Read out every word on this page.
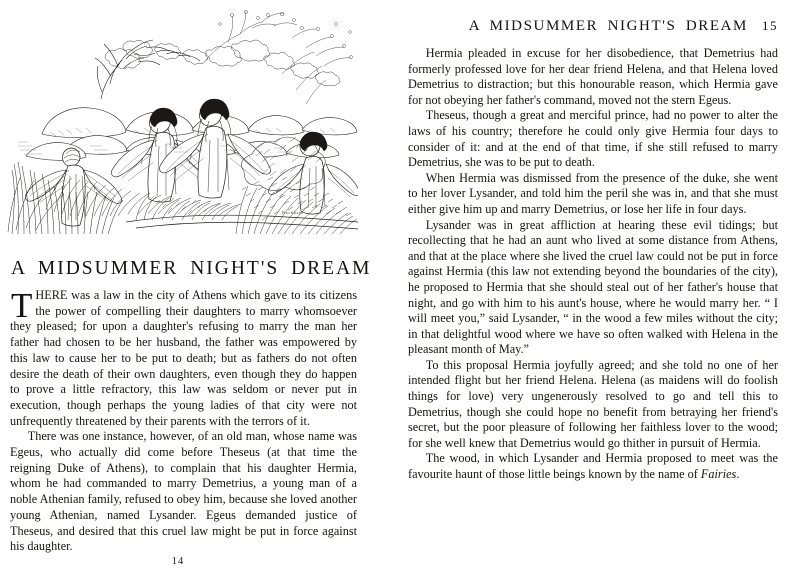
Rackham
A MIDSUMMER NIGHT'S DREAM

THERE was a law in the city of Athens which gave to its citizens the power of compelling their daughters to marry whomsoever they pleased; for upon a daughter's refusing to marry the man her father had chosen to be her husband, the father was empowered by this law to cause her to be put to death; but as fathers do not often desire the death of their own daughters, even though they do happen to prove a little refractory, this law was seldom or never put in execution, though perhaps the young ladies of that city were not unfrequently threatened by their parents with the terrors of it.

There was one instance, however, of an old man, whose name was Egeus, who actually did come before Theseus (at that time the reigning Duke of Athens), to complain that his daughter Hermia, whom he had commanded to marry Demetrius, a young man of a noble Athenian family, refused to obey him, because she loved another young Athenian, named Lysander. Egeus demanded justice of Theseus, and desired that this cruel law might be put in force against his daughter.

14
A MIDSUMMER NIGHT'S DREAM 15

Hermia pleaded in excuse for her disobedience, that Demetrius had formerly professed love for her dear friend Helena, and that Helena loved Demetrius to distraction; but this honourable reason, which Hermia gave for not obeying her father's command, moved not the stern Egeus.

Theseus, though a great and merciful prince, had no power to alter the laws of his country; therefore he could only give Hermia four days to consider of it: and at the end of that time, if she still refused to marry Demetrius, she was to be put to death.

When Hermia was dismissed from the presence of the duke, she went to her lover Lysander, and told him the peril she was in, and that she must either give him up and marry Demetrius, or lose her life in four days.

Lysander was in great affliction at hearing these evil tidings; but recollecting that he had an aunt who lived at some distance from Athens, and that at the place where she lived the cruel law could not be put in force against Hermia (this law not extending beyond the boundaries of the city), he proposed to Hermia that she should steal out of her father's house that night, and go with him to his aunt's house, where he would marry her. “ I will meet you,” said Lysander, “ in the wood a few miles without the city; in that delightful wood where we have so often walked with Helena in the pleasant month of May.”

To this proposal Hermia joyfully agreed; and she told no one of her intended flight but her friend Helena. Helena (as maidens will do foolish things for love) very ungenerously resolved to go and tell this to Demetrius, though she could hope no benefit from betraying her friend's secret, but the poor pleasure of following her faithless lover to the wood; for she well knew that Demetrius would go thither in pursuit of Hermia.

The wood, in which Lysander and Hermia proposed to meet was the favourite haunt of those little beings known by the name of Fairies.
